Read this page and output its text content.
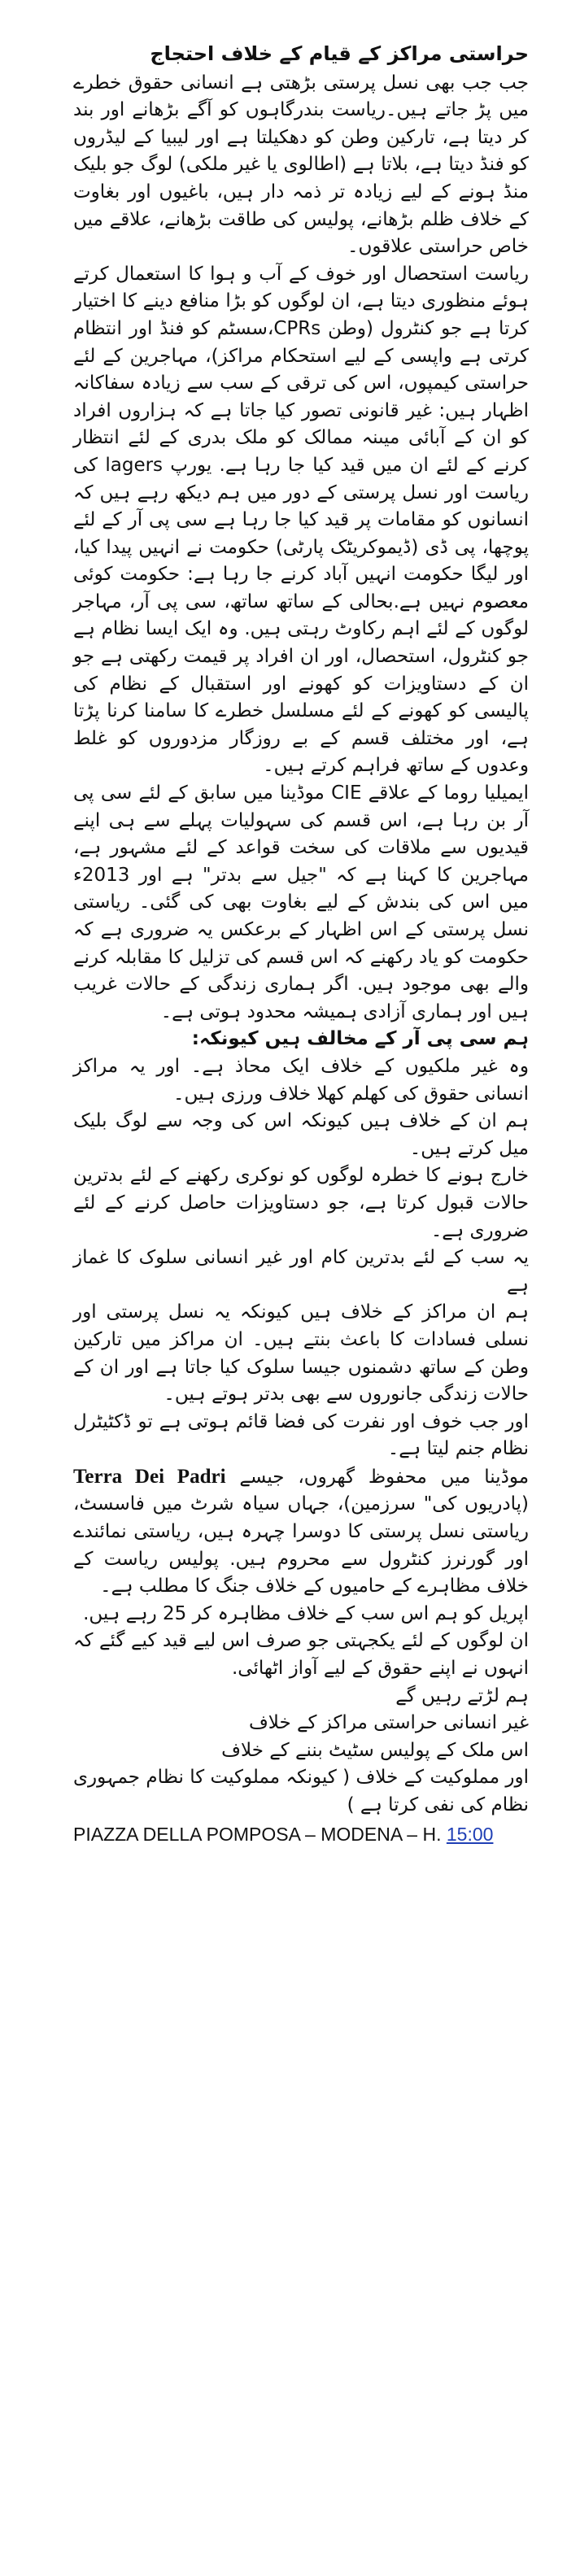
حراستی مراکز کے قیام کے خلاف احتجاج

جب جب بھی نسل پرستی بڑھتی ہے انسانی حقوق خطرے میں پڑ جاتے ہیں۔ریاست بندرگاہوں کو آگے بڑھانے اور بند کر دیتا ہے، تارکین وطن کو دھکیلتا ہے اور لیبیا کے لیڈروں کو فنڈ دیتا ہے، بلاتا ہے (اطالوی یا غیر ملکی) لوگ جو بلیک منڈ ہونے کے لیے زیادہ تر ذمہ دار ہیں، باغیوں اور بغاوت کے خلاف ظلم بڑھانے، پولیس کی طاقت بڑھانے، علاقے میں خاص حراستی علاقوں۔

ریاست استحصال اور خوف کے آب و ہوا کا استعمال کرتے ہوئے منظوری دیتا ہے، ان لوگوں کو بڑا منافع دینے کا اختیار کرتا ہے جو کنٹرول (وطن CPRs،سسٹم کو فنڈ اور انتظام کرتی ہے واپسی کے لیے استحکام مراکز)، مہاجرین کے لئے حراستی کیمپوں، اس کی ترقی کے سب سے زیادہ سفاکانہ اظہار ہیں: غیر قانونی تصور کیا جاتا ہے کہ ہزاروں افراد کو ان کے آبائی میںنہ ممالک کو ملک بدری کے لئے انتظار کرنے کے لئے ان میں قید کیا جا رہا ہے. یورپ lagers کی ریاست اور نسل پرستی کے دور میں ہم دیکھ رہے ہیں کہ انسانوں کو مقامات پر قید کیا جا رہا ہے سی پی آر کے لئے پوچھا، پی ڈی (ڈیموکریٹک پارٹی) حکومت نے انہیں پیدا کیا، اور لیگا حکومت انہیں آباد کرنے جا رہا ہے: حکومت کوئی معصوم نہیں ہے.بحالی کے ساتھ ساتھ، سی پی آر، مہاجر لوگوں کے لئے اہم رکاوٹ رہتی ہیں. وہ ایک ایسا نظام ہے جو کنٹرول، استحصال، اور ان افراد پر قیمت رکھتی ہے جو ان کے دستاویزات کو کھونے اور استقبال کے نظام کی پالیسی کو کھونے کے لئے مسلسل خطرے کا سامنا کرنا پڑتا ہے، اور مختلف قسم کے بے روزگار مزدوروں کو غلط وعدوں کے ساتھ فراہم کرتے ہیں۔

ایمیلیا روما کے علاقے CIE موڈینا میں سابق کے لئے سی پی آر بن رہا ہے، اس قسم کی سہولیات پہلے سے ہی اپنے قیدیوں سے ملاقات کی سخت قواعد کے لئے مشہور ہے، مہاجرین کا کہنا ہے کہ "جیل سے بدتر" ہے اور 2013ء میں اس کی بندش کے لیے بغاوت بھی کی گئی۔ ریاستی نسل پرستی کے اس اظہار کے برعکس یہ ضروری ہے کہ حکومت کو یاد رکھنے کہ اس قسم کی تزلیل کا مقابلہ کرنے والے بھی موجود ہیں. اگر ہماری زندگی کے حالات غریب ہیں اور ہماری آزادی ہمیشہ محدود ہوتی ہے۔

ہم سی پی آر کے مخالف ہیں کیونکہ:

وہ غیر ملکیوں کے خلاف ایک محاذ ہے۔ اور یہ مراکز انسانی حقوق کی کھلم کھلا خلاف ورزی ہیں۔

ہم ان کے خلاف ہیں کیونکہ اس کی وجہ سے لوگ بلیک میل کرتے ہیں۔

خارج ہونے کا خطرہ لوگوں کو نوکری رکھنے کے لئے بدترین حالات قبول کرتا ہے، جو دستاویزات حاصل کرنے کے لئے ضروری ہے۔

یہ سب کے لئے بدترین کام اور غیر انسانی سلوک کا غماز ہے

ہم ان مراکز کے خلاف ہیں کیونکہ یہ نسل پرستی اور نسلی فسادات کا باعث بنتے ہیں۔ ان مراکز میں تارکین وطن کے ساتھ دشمنوں جیسا سلوک کیا جاتا ہے اور ان کے حالات زندگی جانوروں سے بھی بدتر ہوتے ہیں۔

اور جب خوف اور نفرت کی فضا قائم ہوتی ہے تو ڈکٹیٹرل نظام جنم لیتا ہے۔

موڈینا میں محفوظ گھروں، جیسے Terra Dei Padri (پادریوں کی" سرزمین)، جہاں سیاہ شرٹ میں فاسسٹ، ریاستی نسل پرستی کا دوسرا چہرہ ہیں، ریاستی نمائندے اور گورنرز کنٹرول سے محروم ہیں. پولیس ریاست کے خلاف مظاہرے کے حامیوں کے خلاف جنگ کا مطلب ہے۔

اپریل کو ہم اس سب کے خلاف مظاہرہ کر 25 رہے ہیں.

ان لوگوں کے لئے یکجہتی جو صرف اس لیے قید کیے گئے کہ انہوں نے اپنے حقوق کے لیے آواز اٹھائی.

ہم لڑتے رہیں گے

غیر انسانی حراستی مراکز کے خلاف

اس ملک کے پولیس سٹیٹ بننے کے خلاف

اور مملوکیت کے خلاف ( کیونکہ مملوکیت کا نظام جمہوری نظام کی نفی کرتا ہے )

PIAZZA DELLA POMPOSA – MODENA – H. 15:00
